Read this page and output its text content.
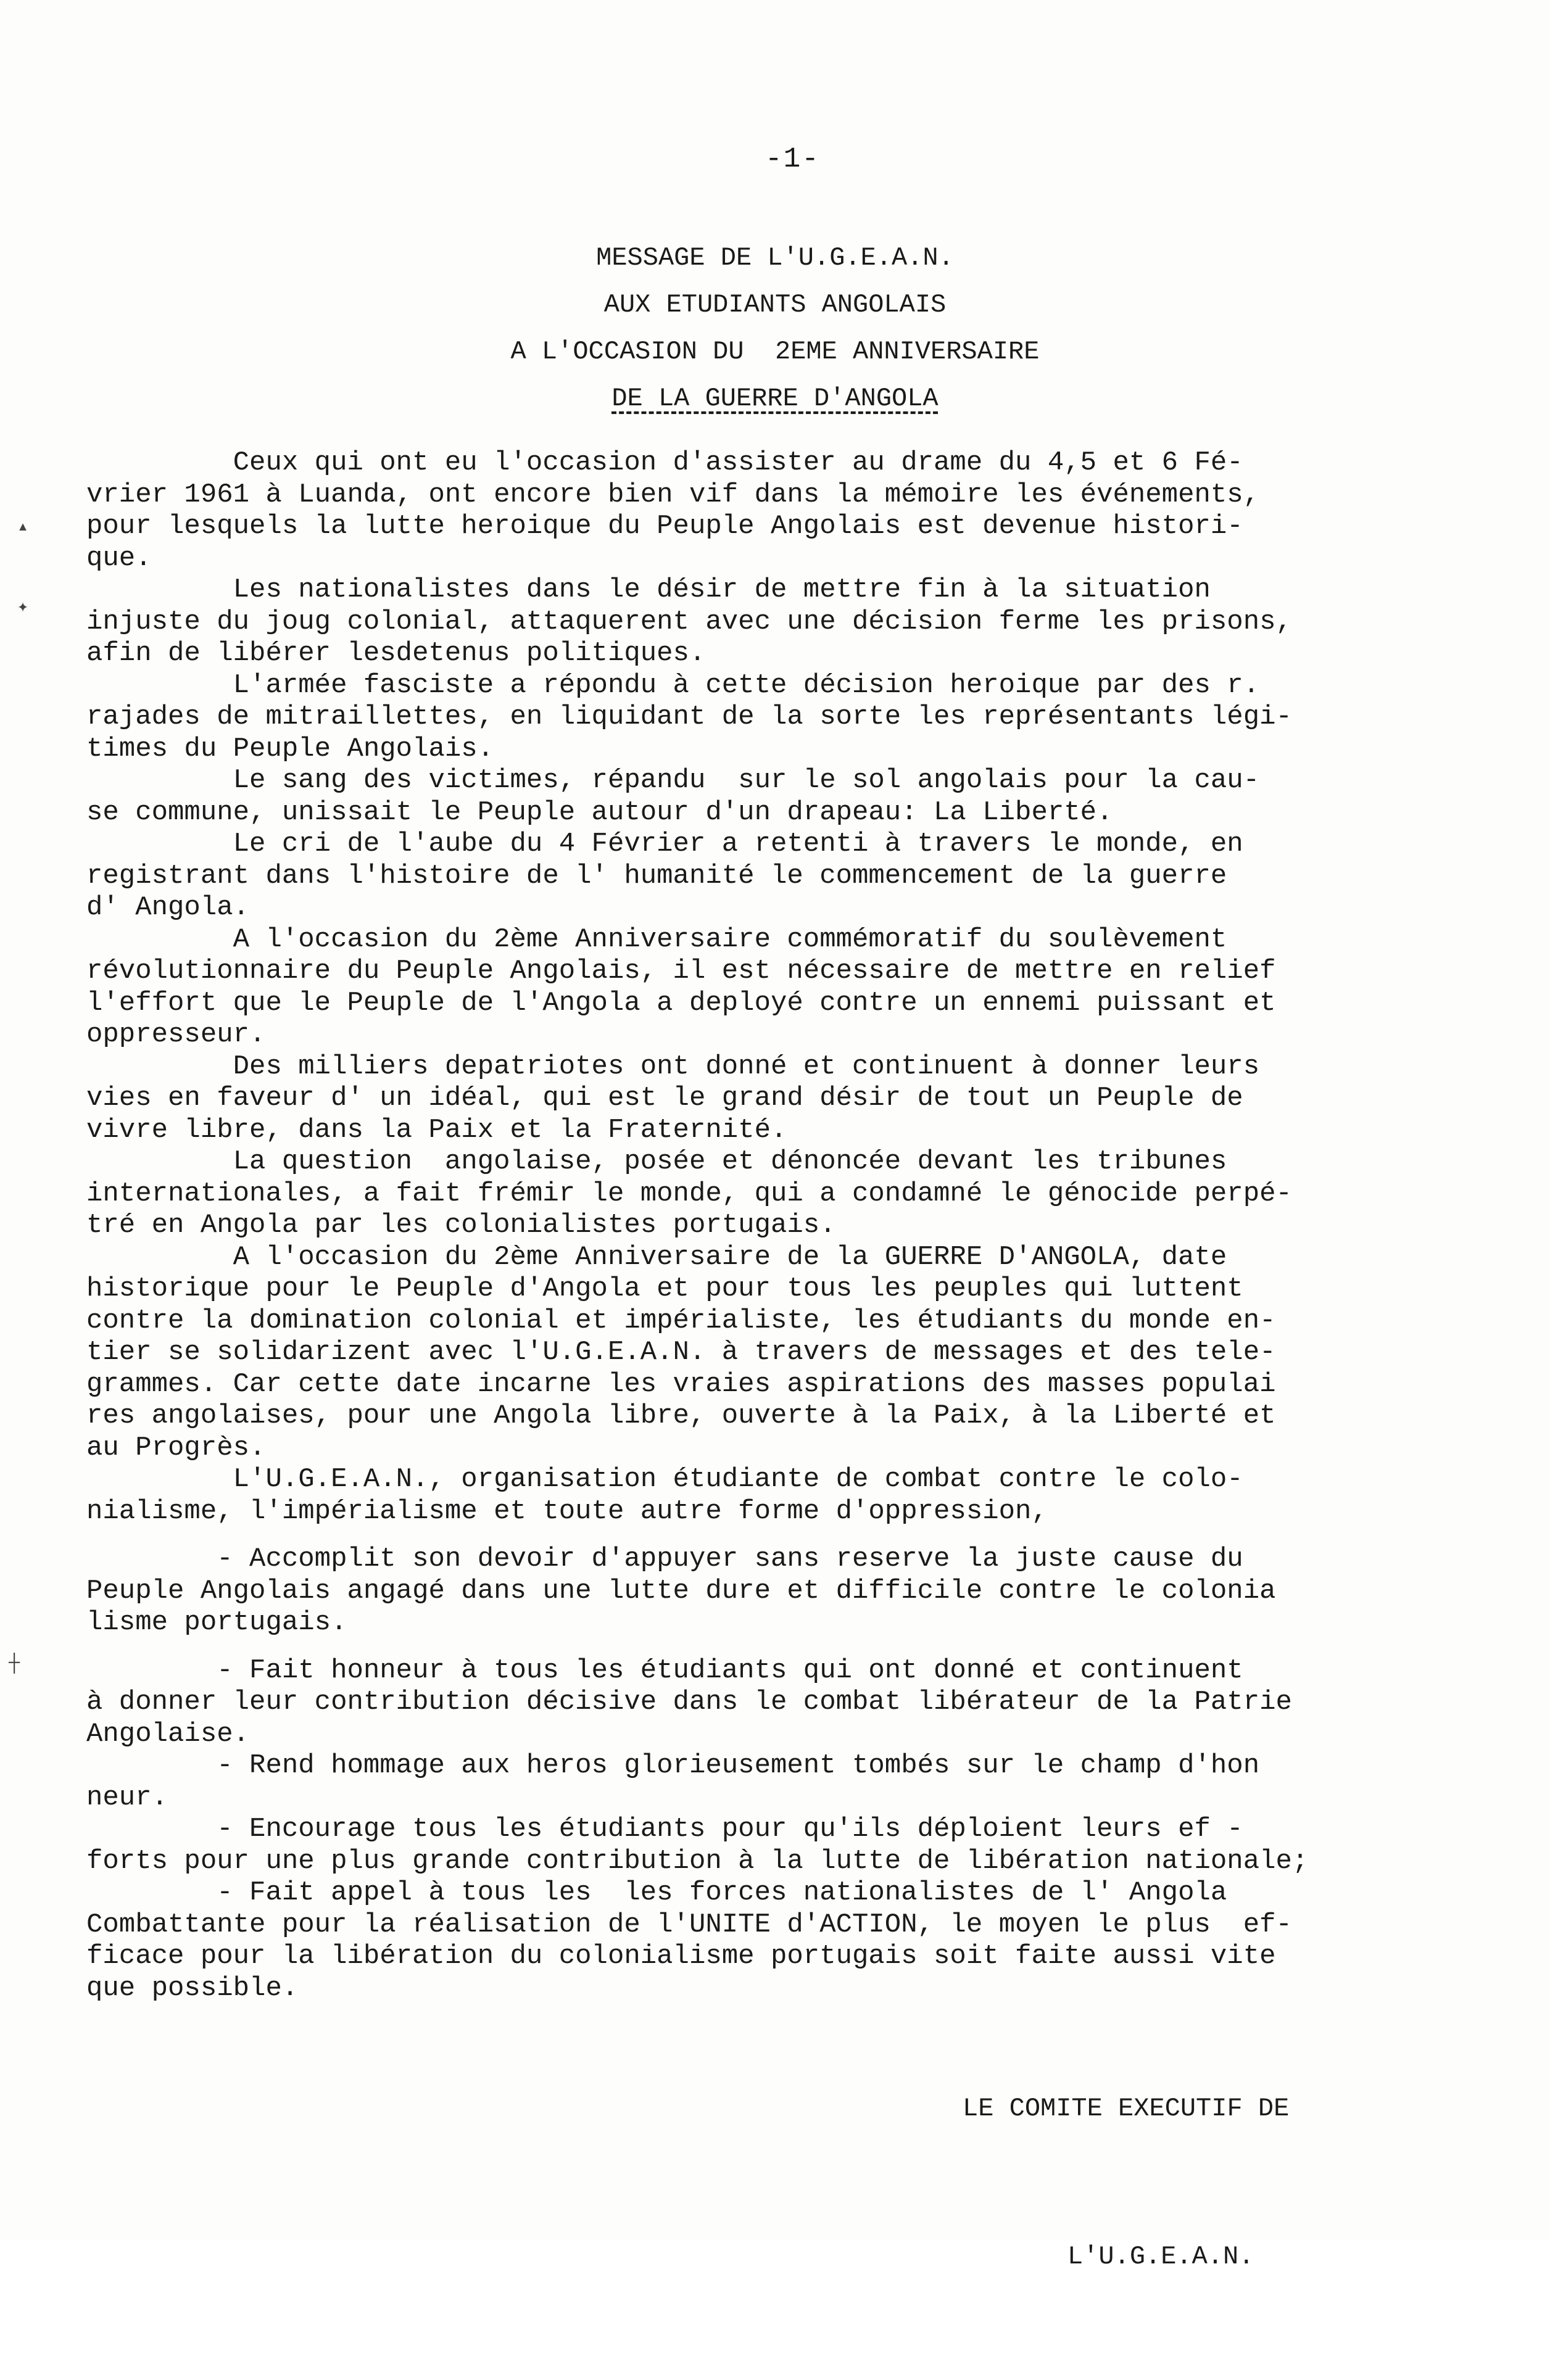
-1-
MESSAGE DE L'U.G.E.A.N.
AUX ETUDIANTS ANGOLAIS
A L'OCCASION DU  2EME ANNIVERSAIRE
DE LA GUERRE D'ANGOLA
Ceux qui ont eu l'occasion d'assister au drame du 4,5 et 6 Fé-
vrier 1961 à Luanda, ont encore bien vif dans la mémoire les événements,
pour lesquels la lutte heroique du Peuple Angolais est devenue histori-
que.
Les nationalistes dans le désir de mettre fin à la situation
injuste du joug colonial, attaquerent avec une décision ferme les prisons,
afin de libérer lesdetenus politiques.
L'armée fasciste a répondu à cette décision heroique par des r.
rajades de mitraillettes, en liquidant de la sorte les représentants légi-
times du Peuple Angolais.
Le sang des victimes, répandu  sur le sol angolais pour la cau-
se commune, unissait le Peuple autour d'un drapeau: La Liberté.
Le cri de l'aube du 4 Février a retenti à travers le monde, en
registrant dans l'histoire de l' humanité le commencement de la guerre
d' Angola.
A l'occasion du 2ème Anniversaire commémoratif du soulèvement
révolutionnaire du Peuple Angolais, il est nécessaire de mettre en relief
l'effort que le Peuple de l'Angola a deployé contre un ennemi puissant et
oppresseur.
Des milliers depatriotes ont donné et continuent à donner leurs
vies en faveur d' un idéal, qui est le grand désir de tout un Peuple de
vivre libre, dans la Paix et la Fraternité.
La question  angolaise, posée et dénoncée devant les tribunes
internationales, a fait frémir le monde, qui a condamné le génocide perpé-
tré en Angola par les colonialistes portugais.
A l'occasion du 2ème Anniversaire de la GUERRE D'ANGOLA, date
historique pour le Peuple d'Angola et pour tous les peuples qui luttent
contre la domination colonial et impérialiste, les étudiants du monde en-
tier se solidarizent avec l'U.G.E.A.N. à travers de messages et des tele-
grammes. Car cette date incarne les vraies aspirations des masses populai
res angolaises, pour une Angola libre, ouverte à la Paix, à la Liberté et
au Progrès.
L'U.G.E.A.N., organisation étudiante de combat contre le colo-
nialisme, l'impérialisme et toute autre forme d'oppression,
- Accomplit son devoir d'appuyer sans reserve la juste cause du
Peuple Angolais angagé dans une lutte dure et difficile contre le colonia
lisme portugais.
- Fait honneur à tous les étudiants qui ont donné et continuent
à donner leur contribution décisive dans le combat libérateur de la Patrie
Angolaise.
- Rend hommage aux heros glorieusement tombés sur le champ d'hon
neur.
- Encourage tous les étudiants pour qu'ils déploient leurs ef -
forts pour une plus grande contribution à la lutte de libération nationale;
- Fait appel à tous les  les forces nationalistes de l' Angola
Combattante pour la réalisation de l'UNITE d'ACTION, le moyen le plus  ef-
ficace pour la libération du colonialisme portugais soit faite aussi vite
que possible.

LE COMITE EXECUTIF DE

L'U.G.E.A.N.

▴
✦
┼
